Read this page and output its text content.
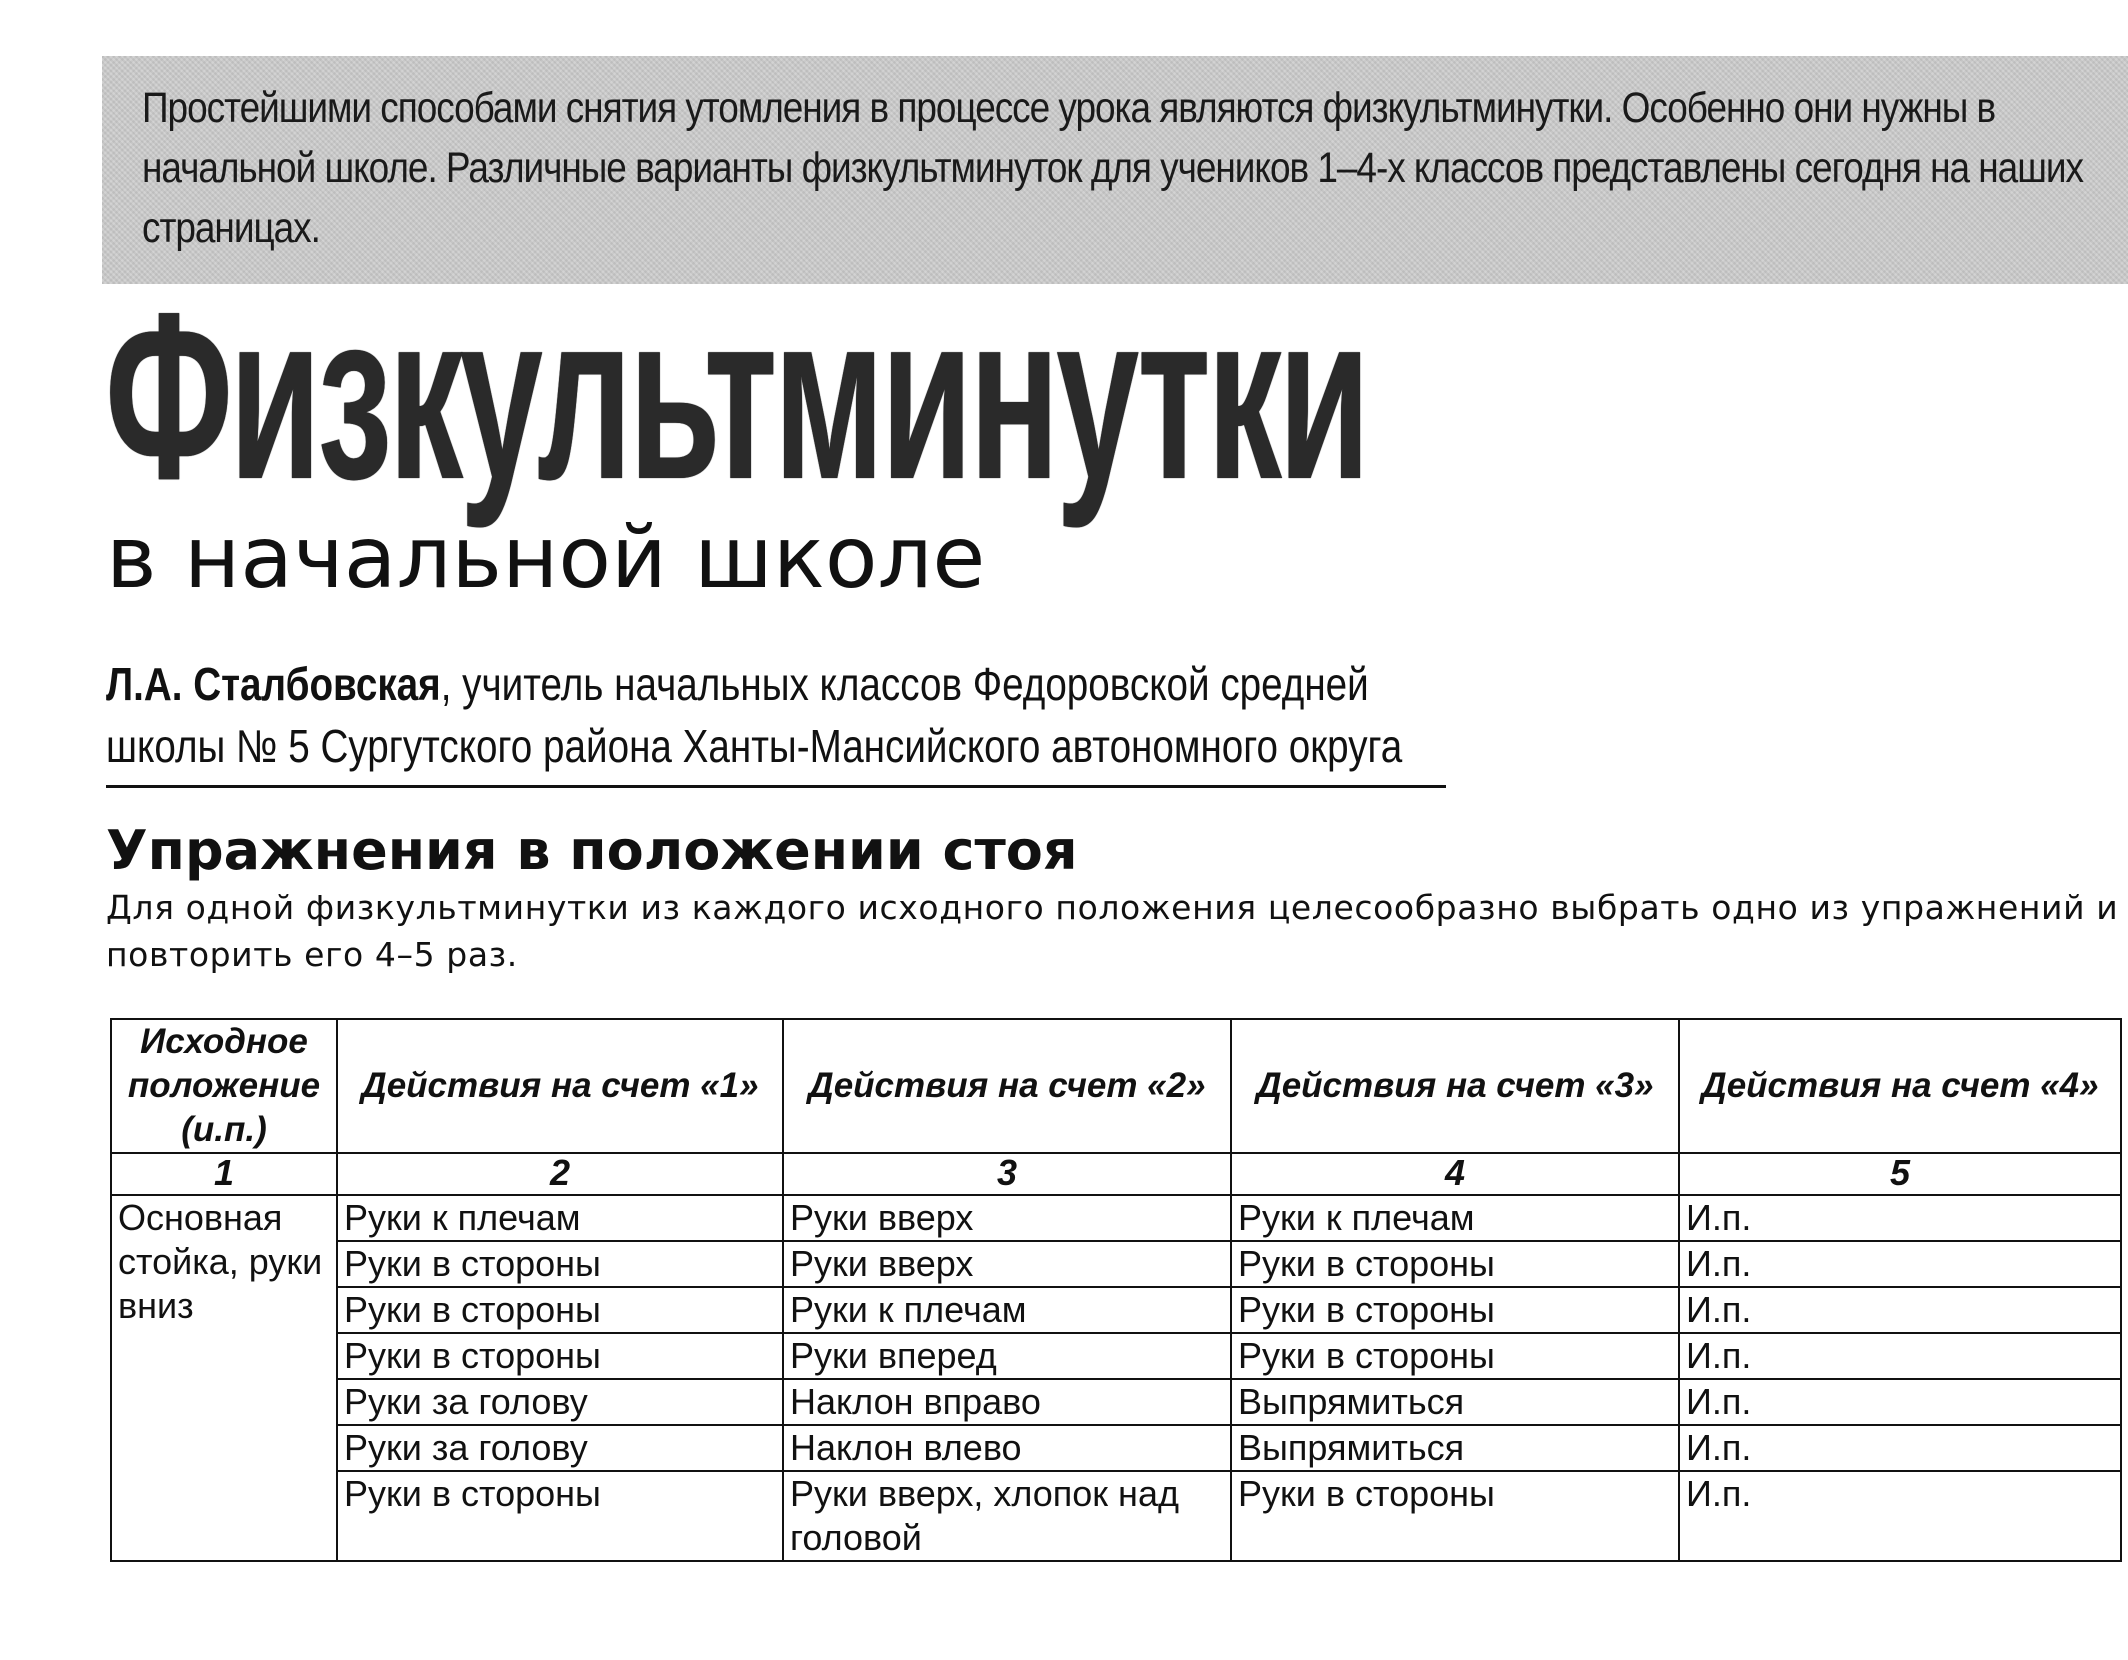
Простейшими способами снятия утомления в процессе урока являются физкультминутки. Особенно они нужны в начальной школе. Различные варианты физкультминуток для учеников 1–4-х классов представлены сегодня на наших страницах.

Физкультминутки
в начальной школе
Л.А. Сталбовская, учитель начальных классов Федоровской средней школы № 5 Сургутского района Ханты-Мансийского автономного округа
Упражнения в положении стоя
Для одной физкультминутки из каждого исходного положения целесообразно выбрать одно из упражнений и повторить его 4–5 раз.
Исходное положение (и.п.)	Действия на счет «1»	Действия на счет «2»	Действия на счет «3»	Действия на счет «4»
1	2	3	4	5
Основная стойка, руки вниз	Руки к плечам	Руки вверх	Руки к плечам	И.п.
	Руки в стороны	Руки вверх	Руки в стороны	И.п.
	Руки в стороны	Руки к плечам	Руки в стороны	И.п.
	Руки в стороны	Руки вперед	Руки в стороны	И.п.
	Руки за голову	Наклон вправо	Выпрямиться	И.п.
	Руки за голову	Наклон влево	Выпрямиться	И.п.
	Руки в стороны	Руки вверх, хлопок над головой	Руки в стороны	И.п.
